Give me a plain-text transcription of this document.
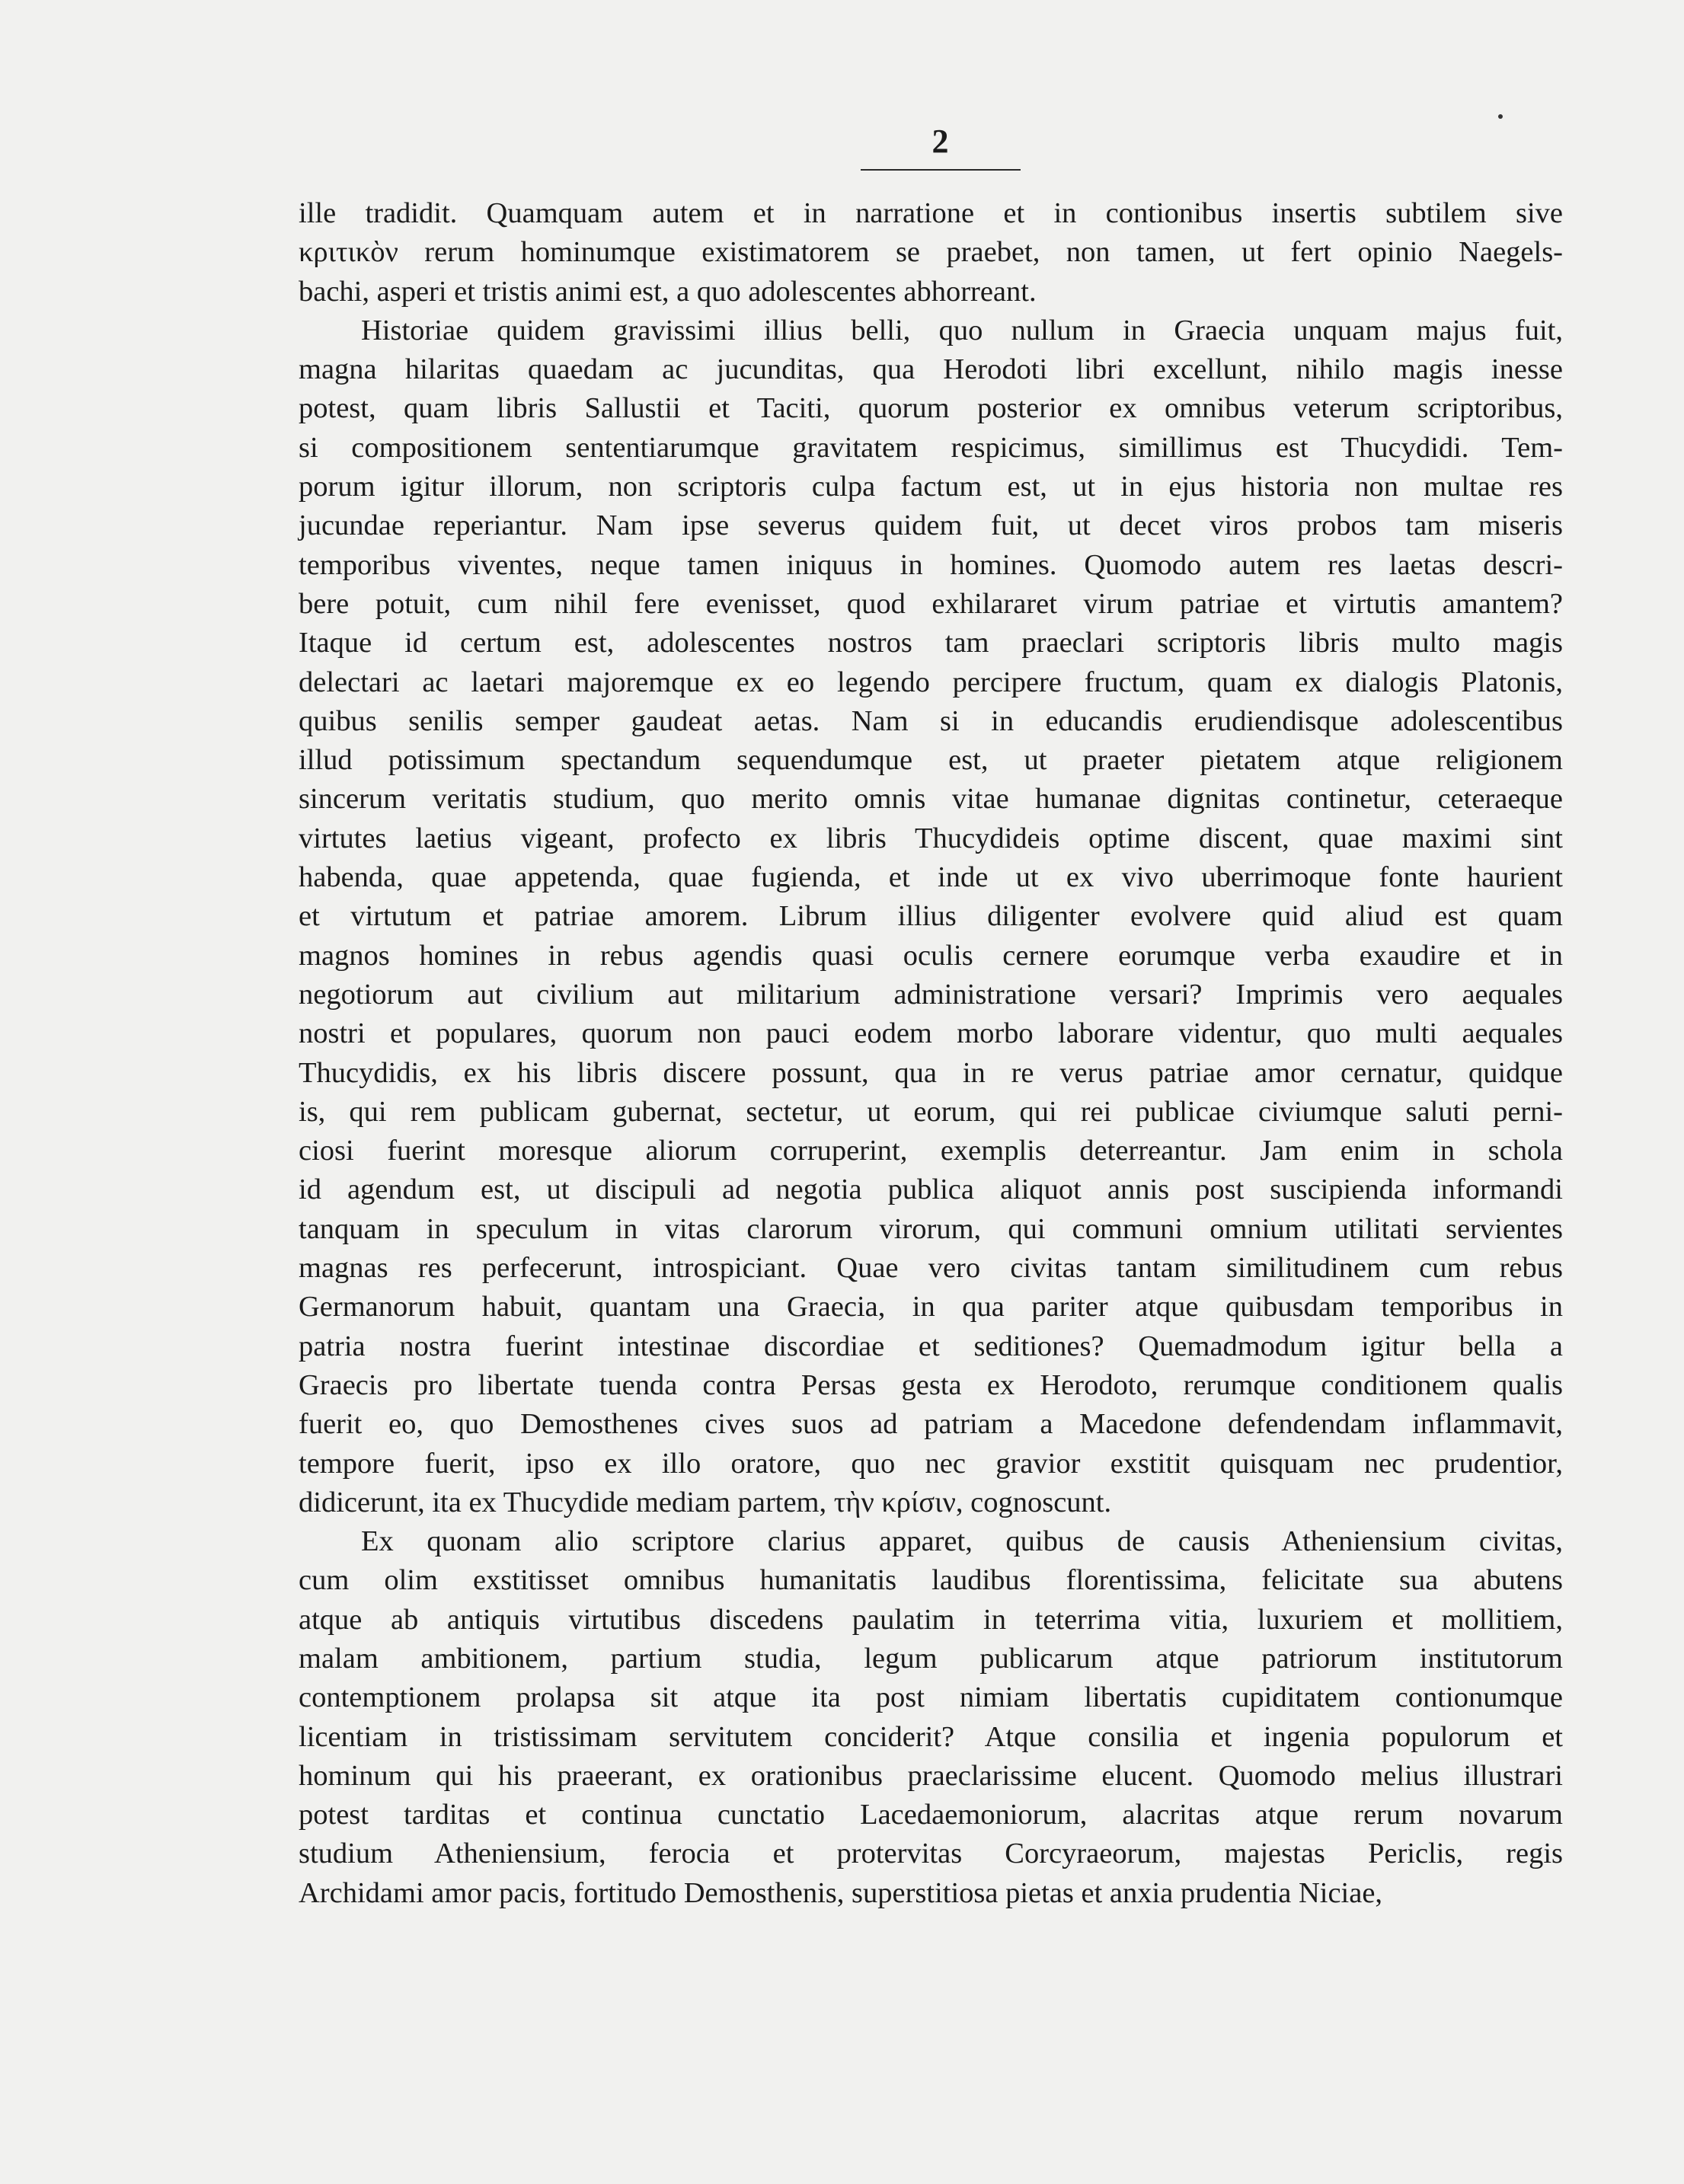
2
ille tradidit. Quamquam autem et in narratione et in contionibus insertis subtilem sive
κριτικὸν rerum hominumque existimatorem se praebet, non tamen, ut fert opinio Naegels-
bachi, asperi et tristis animi est, a quo adolescentes abhorreant.
Historiae quidem gravissimi illius belli, quo nullum in Graecia unquam majus fuit,
magna hilaritas quaedam ac jucunditas, qua Herodoti libri excellunt, nihilo magis inesse
potest, quam libris Sallustii et Taciti, quorum posterior ex omnibus veterum scriptoribus,
si compositionem sententiarumque gravitatem respicimus, simillimus est Thucydidi. Tem-
porum igitur illorum, non scriptoris culpa factum est, ut in ejus historia non multae res
jucundae reperiantur. Nam ipse severus quidem fuit, ut decet viros probos tam miseris
temporibus viventes, neque tamen iniquus in homines. Quomodo autem res laetas descri-
bere potuit, cum nihil fere evenisset, quod exhilararet virum patriae et virtutis amantem?
Itaque id certum est, adolescentes nostros tam praeclari scriptoris libris multo magis
delectari ac laetari majoremque ex eo legendo percipere fructum, quam ex dialogis Platonis,
quibus senilis semper gaudeat aetas. Nam si in educandis erudiendisque adolescentibus
illud potissimum spectandum sequendumque est, ut praeter pietatem atque religionem
sincerum veritatis studium, quo merito omnis vitae humanae dignitas continetur, ceteraeque
virtutes laetius vigeant, profecto ex libris Thucydideis optime discent, quae maximi sint
habenda, quae appetenda, quae fugienda, et inde ut ex vivo uberrimoque fonte haurient
et virtutum et patriae amorem. Librum illius diligenter evolvere quid aliud est quam
magnos homines in rebus agendis quasi oculis cernere eorumque verba exaudire et in
negotiorum aut civilium aut militarium administratione versari? Imprimis vero aequales
nostri et populares, quorum non pauci eodem morbo laborare videntur, quo multi aequales
Thucydidis, ex his libris discere possunt, qua in re verus patriae amor cernatur, quidque
is, qui rem publicam gubernat, sectetur, ut eorum, qui rei publicae civiumque saluti perni-
ciosi fuerint moresque aliorum corruperint, exemplis deterreantur. Jam enim in schola
id agendum est, ut discipuli ad negotia publica aliquot annis post suscipienda informandi
tanquam in speculum in vitas clarorum virorum, qui communi omnium utilitati servientes
magnas res perfecerunt, introspiciant. Quae vero civitas tantam similitudinem cum rebus
Germanorum habuit, quantam una Graecia, in qua pariter atque quibusdam temporibus in
patria nostra fuerint intestinae discordiae et seditiones? Quemadmodum igitur bella a
Graecis pro libertate tuenda contra Persas gesta ex Herodoto, rerumque conditionem qualis
fuerit eo, quo Demosthenes cives suos ad patriam a Macedone defendendam inflammavit,
tempore fuerit, ipso ex illo oratore, quo nec gravior exstitit quisquam nec prudentior,
didicerunt, ita ex Thucydide mediam partem, τὴν κρίσιν, cognoscunt.
Ex quonam alio scriptore clarius apparet, quibus de causis Atheniensium civitas,
cum olim exstitisset omnibus humanitatis laudibus florentissima, felicitate sua abutens
atque ab antiquis virtutibus discedens paulatim in teterrima vitia, luxuriem et mollitiem,
malam ambitionem, partium studia, legum publicarum atque patriorum institutorum
contemptionem prolapsa sit atque ita post nimiam libertatis cupiditatem contionumque
licentiam in tristissimam servitutem conciderit? Atque consilia et ingenia populorum et
hominum qui his praeerant, ex orationibus praeclarissime elucent. Quomodo melius illustrari
potest tarditas et continua cunctatio Lacedaemoniorum, alacritas atque rerum novarum
studium Atheniensium, ferocia et protervitas Corcyraeorum, majestas Periclis, regis
Archidami amor pacis, fortitudo Demosthenis, superstitiosa pietas et anxia prudentia Niciae,
